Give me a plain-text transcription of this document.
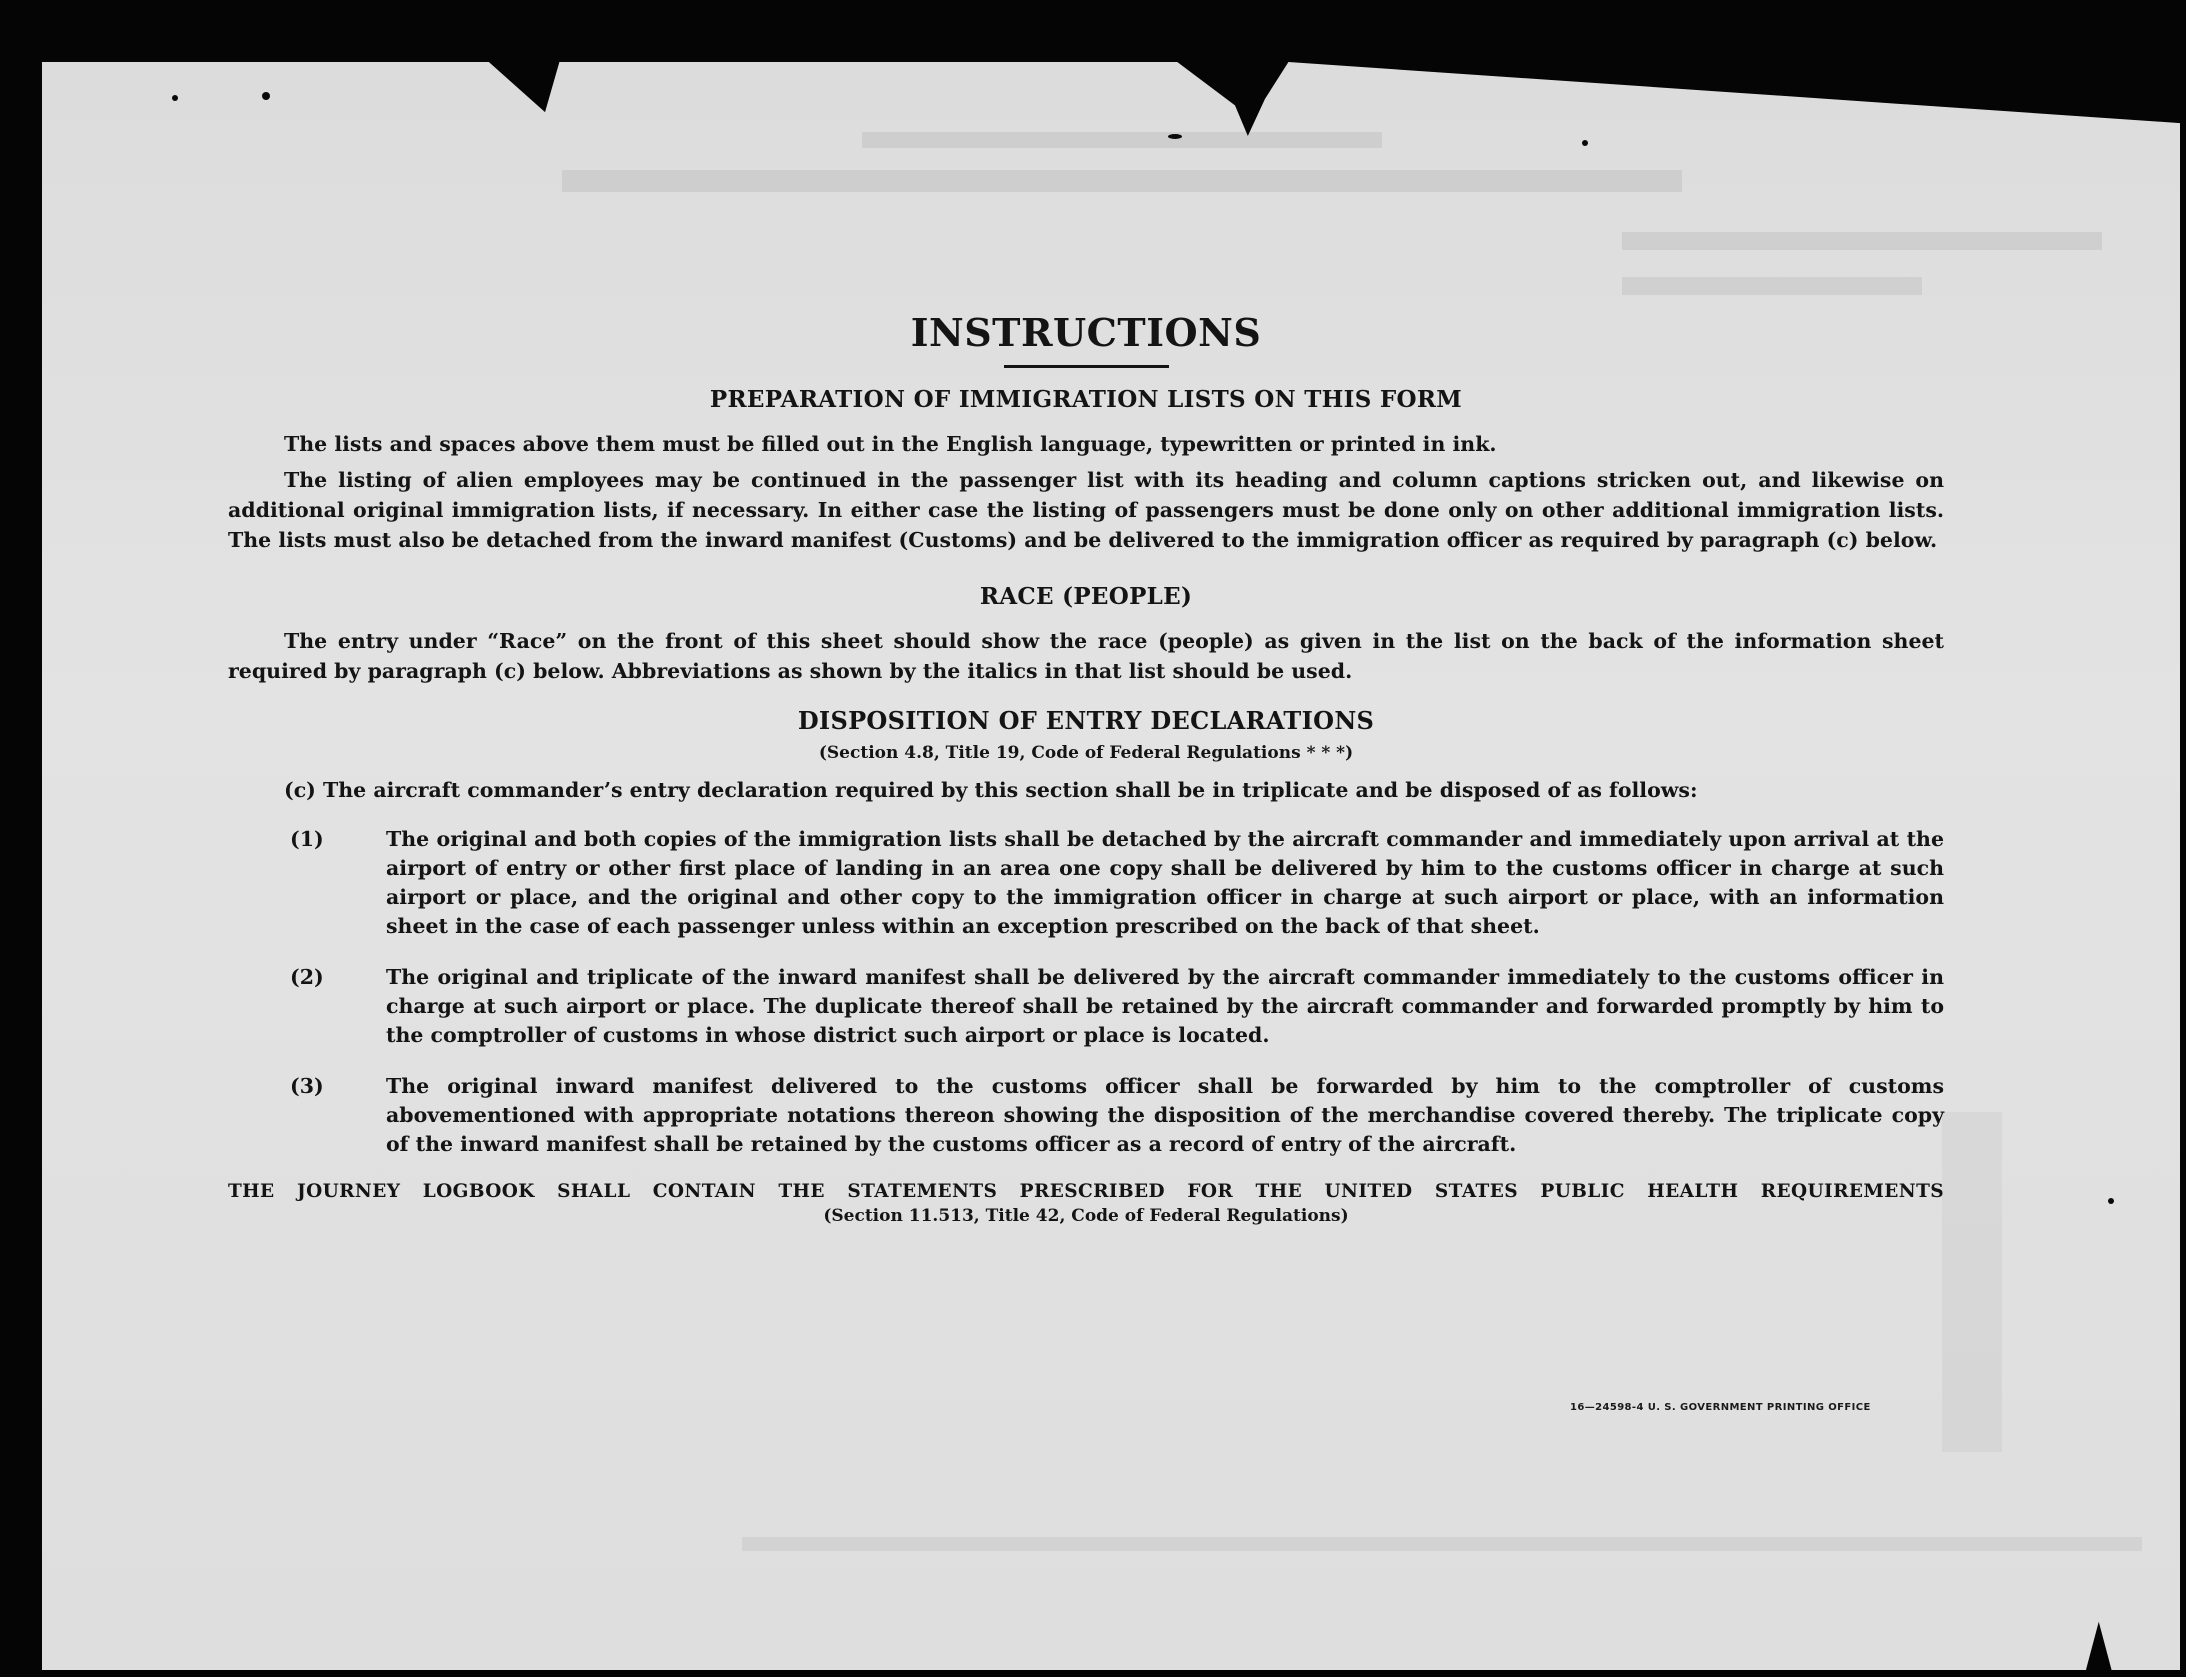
INSTRUCTIONS
PREPARATION OF IMMIGRATION LISTS ON THIS FORM

The lists and spaces above them must be filled out in the English language, typewritten or printed in ink.

The listing of alien employees may be continued in the passenger list with its heading and column captions stricken out, and likewise on additional original immigration lists, if necessary. In either case the listing of passengers must be done only on other additional immigration lists. The lists must also be detached from the inward manifest (Customs) and be delivered to the immigration officer as required by paragraph (c) below.

RACE (PEOPLE)

The entry under “Race” on the front of this sheet should show the race (people) as given in the list on the back of the information sheet required by paragraph (c) below. Abbreviations as shown by the italics in that list should be used.

DISPOSITION OF ENTRY DECLARATIONS
(Section 4.8, Title 19, Code of Federal Regulations * * *)
(c) The aircraft commander’s entry declaration required by this section shall be in triplicate and be disposed of as follows:
(1)	The original and both copies of the immigration lists shall be detached by the aircraft commander and immediately upon arrival at the airport of entry or other first place of landing in an area one copy shall be delivered by him to the customs officer in charge at such airport or place, and the original and other copy to the immigration officer in charge at such airport or place, with an information sheet in the case of each passenger unless within an exception prescribed on the back of that sheet.
(2)	The original and triplicate of the inward manifest shall be delivered by the aircraft commander immediately to the customs officer in charge at such airport or place. The duplicate thereof shall be retained by the aircraft commander and forwarded promptly by him to the comptroller of customs in whose district such airport or place is located.
(3)	The original inward manifest delivered to the customs officer shall be forwarded by him to the comptroller of customs abovementioned with appropriate notations thereon showing the disposition of the merchandise covered thereby. The triplicate copy of the inward manifest shall be retained by the customs officer as a record of entry of the aircraft.
THE JOURNEY LOGBOOK SHALL CONTAIN THE STATEMENTS PRESCRIBED FOR THE UNITED STATES PUBLIC HEALTH REQUIREMENTS
(Section 11.513, Title 42, Code of Federal Regulations)
16—24598-4 U. S. GOVERNMENT PRINTING OFFICE
